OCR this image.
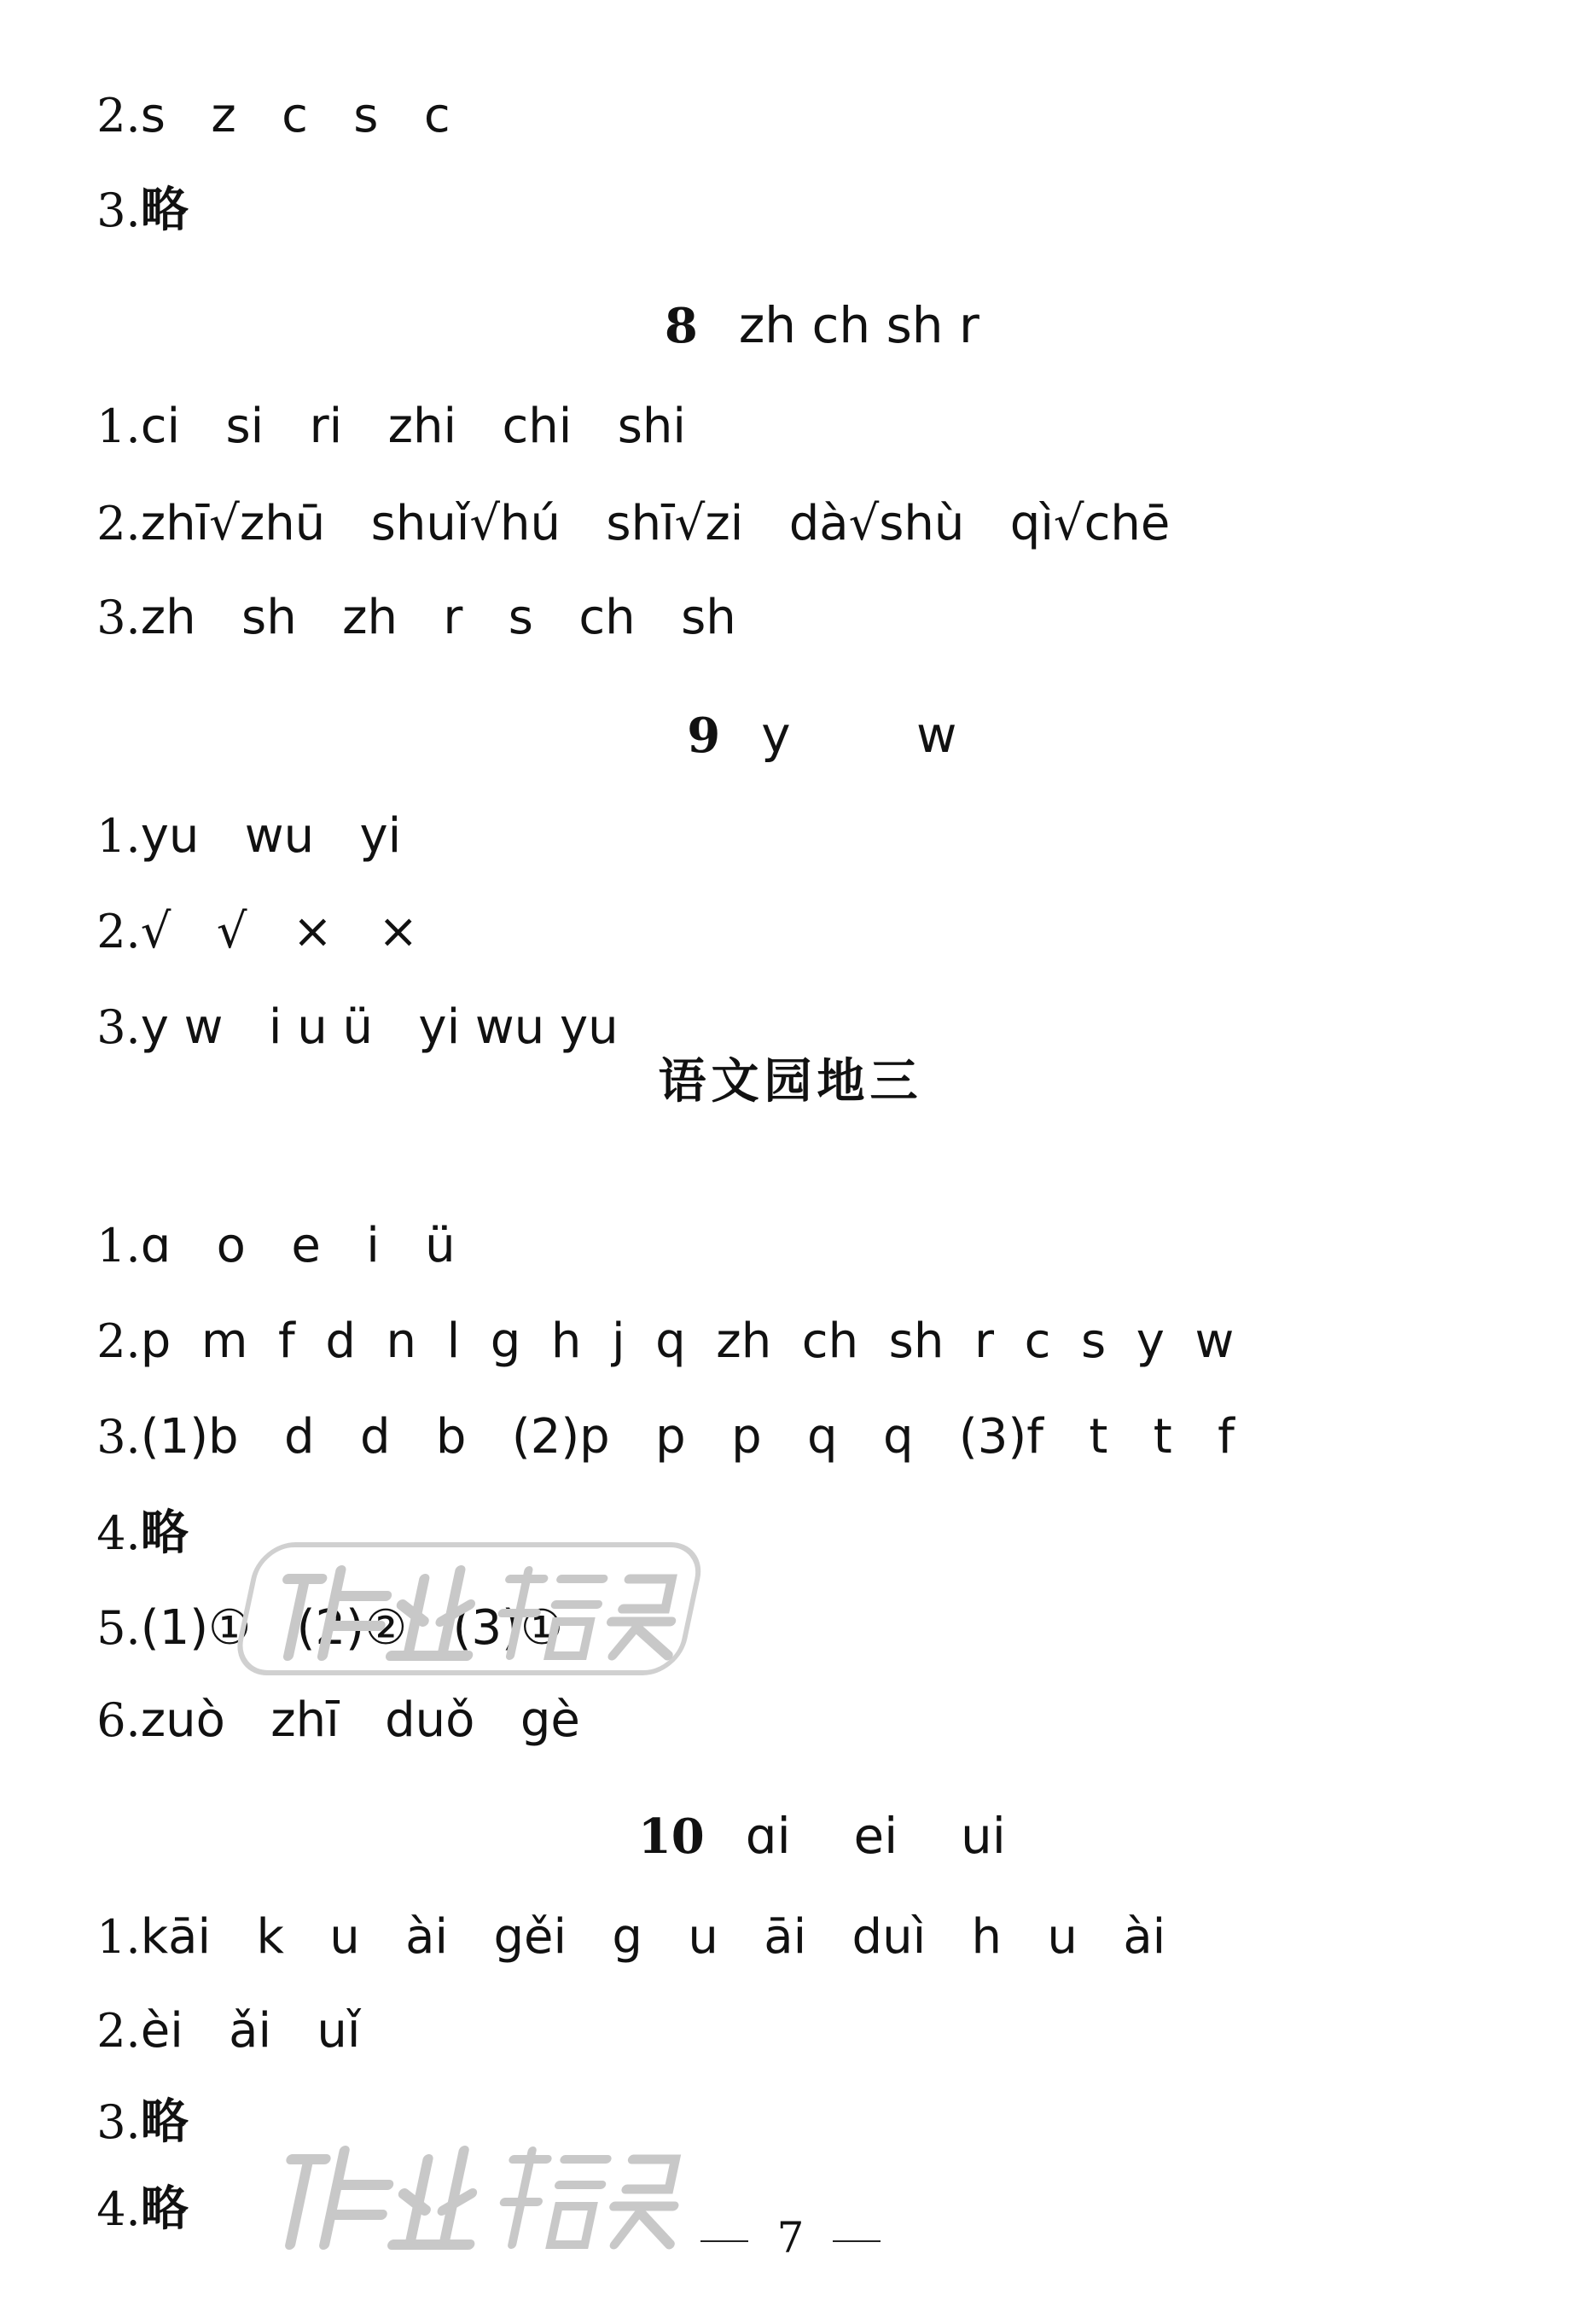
2.s   z   c   s   c

3.略

8 zh ch sh r

1.ci   si   ri   zhi   chi   shi

2.zhī√zhū   shuǐ√hú   shī√zi   dà√shù   qì√chē

3.zh   sh   zh   r   s   ch   sh

9 y        w

1.yu   wu   yi

2.√   √   ×   ×

3.y w   i u ü   yi wu yu

语文园地三

1.ɑ   o   e   i   ü

2.p  m  f  d  n  l  g  h  j  q  zh  ch  sh  r  c  s  y  w

3.(1)b   d   d   b   (2)p   p   p   q   q   (3)f   t   t   f

4.略

5.(1)①   (2)②   (3)①

6.zuò   zhī   duǒ   gè

10 ɑi    ei    ui

1.kāi   k   u   ài   gěi   g   u   āi   duì   h   u   ài

2.èi   ǎi   uǐ

3.略

4.略

7
